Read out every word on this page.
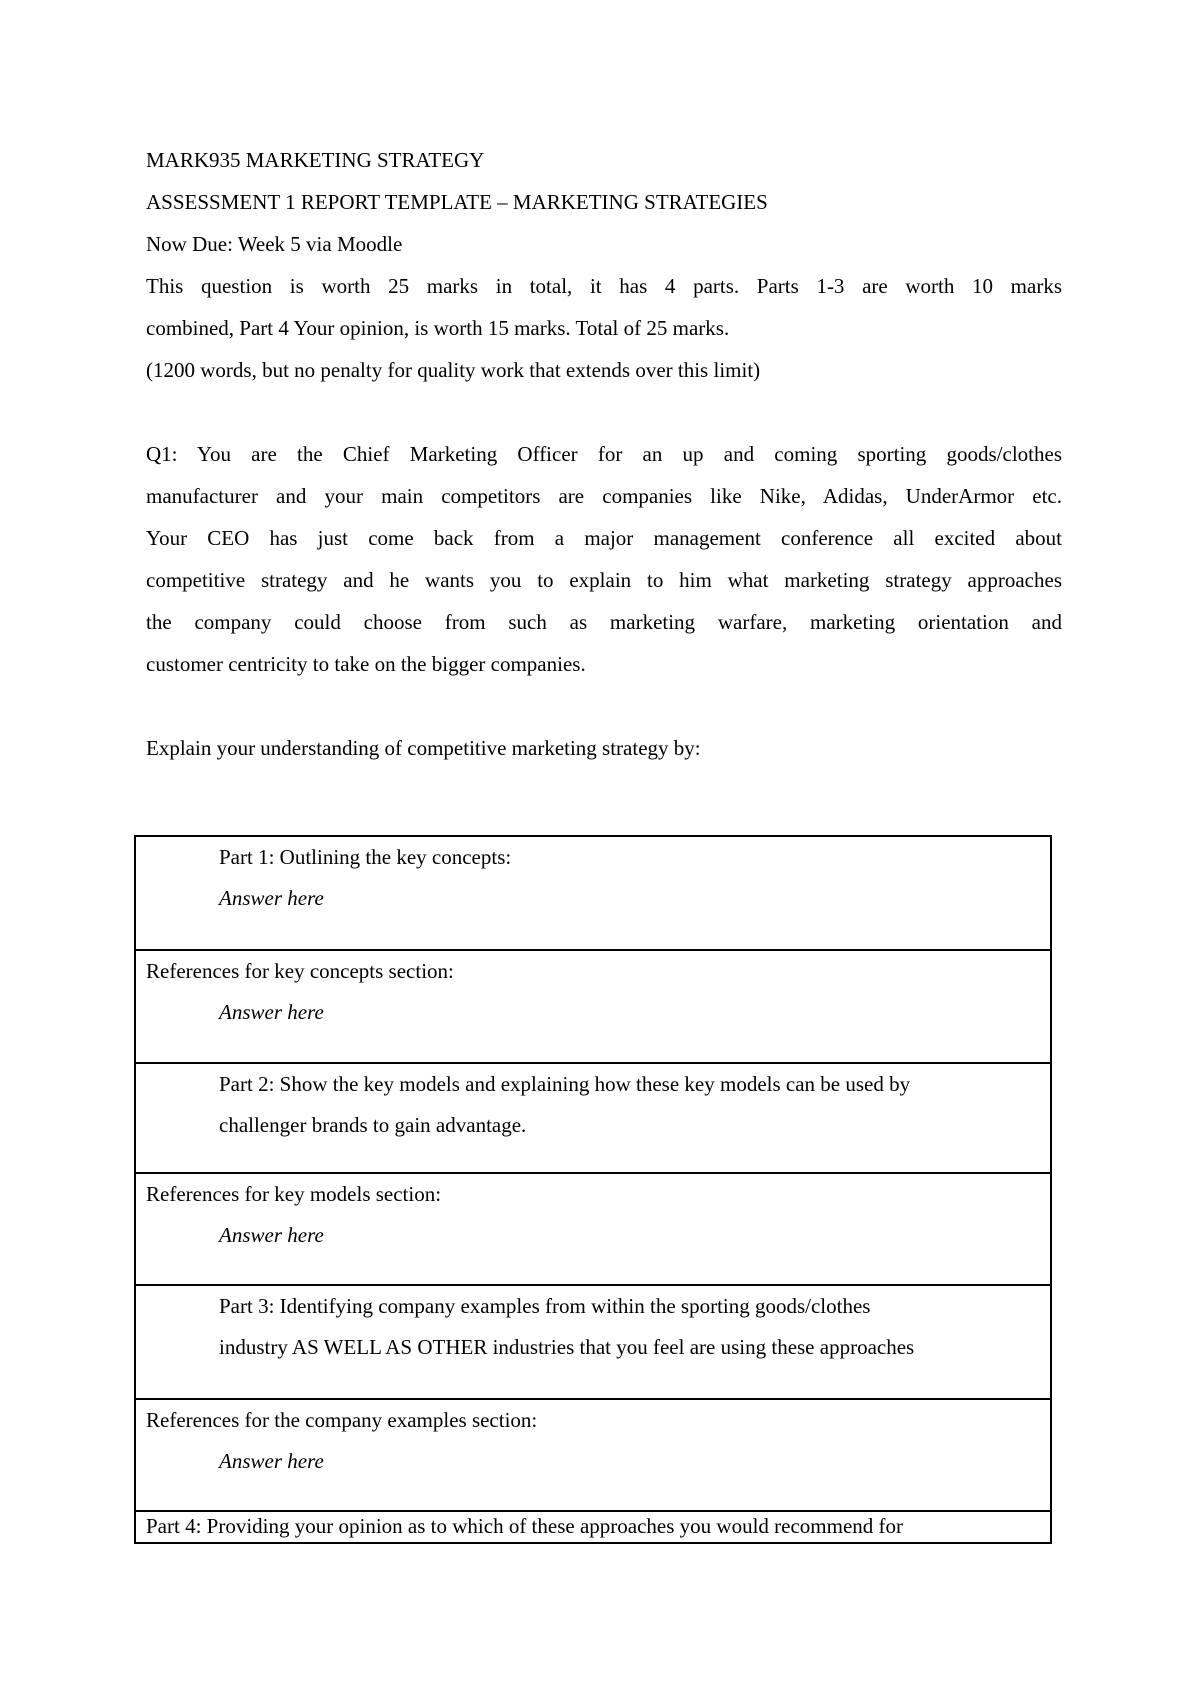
MARK935 MARKETING STRATEGY

ASSESSMENT 1 REPORT TEMPLATE – MARKETING STRATEGIES

Now Due: Week 5 via Moodle

This question is worth 25 marks in total, it has 4 parts. Parts 1-3 are worth 10 marks

combined, Part 4 Your opinion, is worth 15 marks. Total of 25 marks.

(1200 words, but no penalty for quality work that extends over this limit)

Q1: You are the Chief Marketing Officer for an up and coming sporting goods/clothes

manufacturer and your main competitors are companies like Nike, Adidas, UnderArmor etc.

Your CEO has just come back from a major management conference all excited about

competitive strategy and he wants you to explain to him what marketing strategy approaches

the company could choose from such as marketing warfare, marketing orientation and

customer centricity to take on the bigger companies.

Explain your understanding of competitive marketing strategy by:

Part 1: Outlining the key concepts:

Answer here

References for key concepts section:

Answer here

Part 2: Show the key models and explaining how these key models can be used by

challenger brands to gain advantage.

References for key models section:

Answer here

Part 3: Identifying company examples from within the sporting goods/clothes

industry AS WELL AS OTHER industries that you feel are using these approaches

References for the company examples section:

Answer here

Part 4: Providing your opinion as to which of these approaches you would recommend for
